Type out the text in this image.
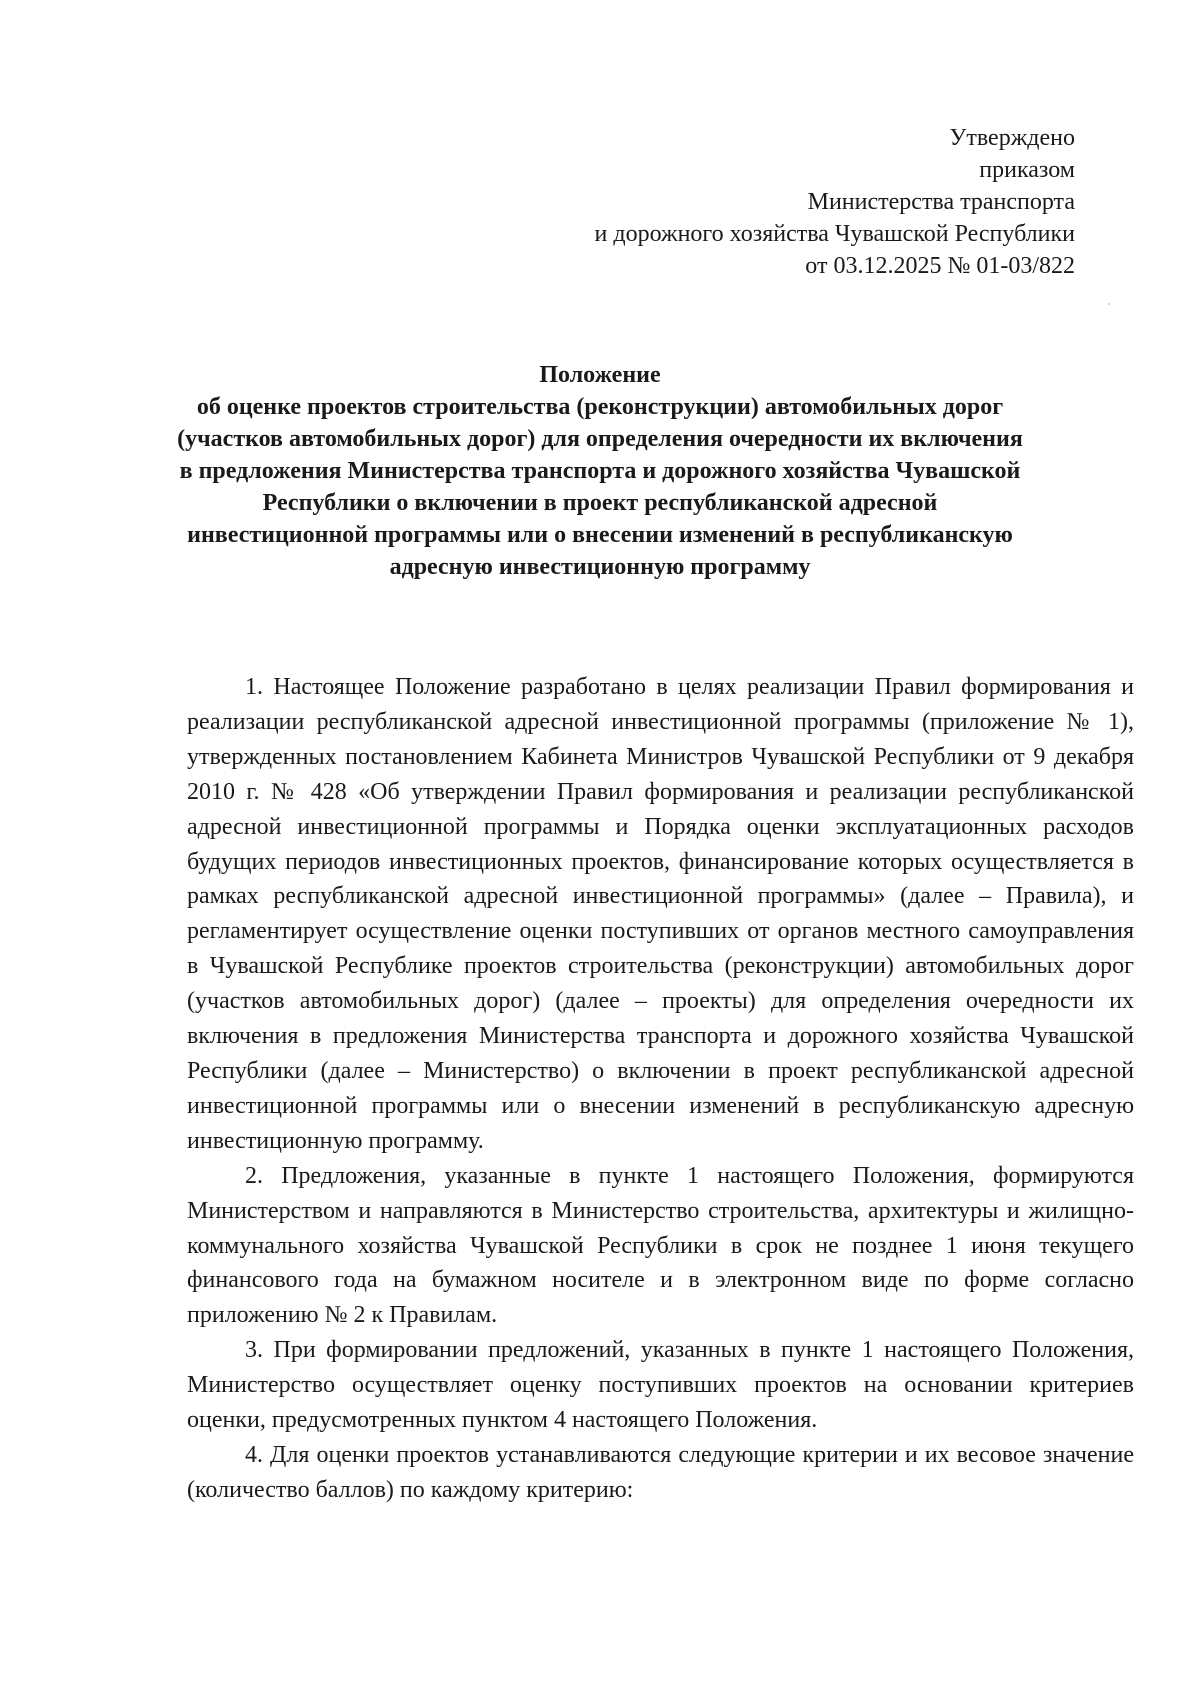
Утверждено
приказом
Министерства транспорта
и дорожного хозяйства Чувашской Республики
от 03.12.2025 № 01-03/822
Положение
об оценке проектов строительства (реконструкции) автомобильных дорог
(участков автомобильных дорог) для определения очередности их включения
в предложения Министерства транспорта и дорожного хозяйства Чувашской
Республики о включении в проект республиканской адресной
инвестиционной программы или о внесении изменений в республиканскую
адресную инвестиционную программу

1. Настоящее Положение разработано в целях реализации Правил формирования и реализации республиканской адресной инвестиционной программы (приложение № 1), утвержденных постановлением Кабинета Министров Чувашской Республики от 9 декабря 2010 г. № 428 «Об утверждении Правил формирования и реализации республиканской адресной инвестиционной программы и Порядка оценки эксплуатационных расходов будущих периодов инвестиционных проектов, финансирование которых осуществляется в рамках республиканской адресной инвестиционной программы» (далее – Правила), и регламентирует осуществление оценки поступивших от органов местного самоуправления в Чувашской Республике проектов строительства (реконструкции) автомобильных дорог (участков автомобильных дорог) (далее – проекты) для определения очередности их включения в предложения Министерства транспорта и дорожного хозяйства Чувашской Республики (далее – Министерство) о включении в проект республиканской адресной инвестиционной программы или о внесении изменений в республиканскую адресную инвестиционную программу.

2. Предложения, указанные в пункте 1 настоящего Положения, формируются Министерством и направляются в Министерство строительства, архитектуры и жилищно-коммунального хозяйства Чувашской Республики в срок не позднее 1 июня текущего финансового года на бумажном носителе и в электронном виде по форме согласно приложению № 2 к Правилам.

3. При формировании предложений, указанных в пункте 1 настоящего Положения, Министерство осуществляет оценку поступивших проектов на основании критериев оценки, предусмотренных пунктом 4 настоящего Положения.

4. Для оценки проектов устанавливаются следующие критерии и их весовое значение (количество баллов) по каждому критерию:
